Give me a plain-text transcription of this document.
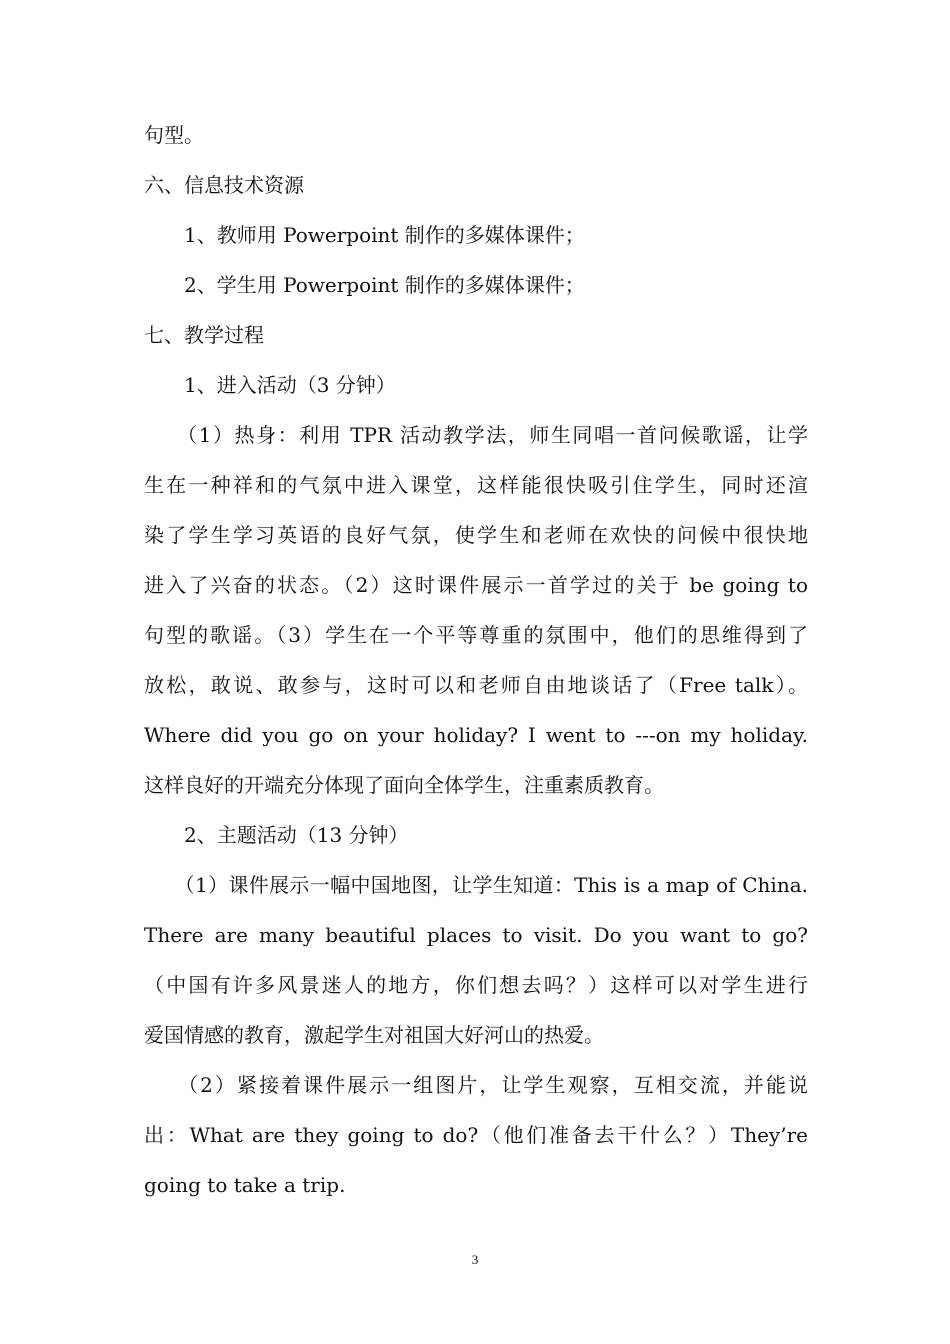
句型。
六、信息技术资源
　　1、教师用 Powerpoint 制作的多媒体课件；
　　2、学生用 Powerpoint 制作的多媒体课件；
七、教学过程
　　1、进入活动（3 分钟）
　　（1）热身：利用 TPR 活动教学法，师生同唱一首问候歌谣，让学
生在一种祥和的气氛中进入课堂，这样能很快吸引住学生，同时还渲
染了学生学习英语的良好气氛，使学生和老师在欢快的问候中很快地
进入了兴奋的状态。（2）这时课件展示一首学过的关于 be going to
句型的歌谣。（3）学生在一个平等尊重的氛围中，他们的思维得到了
放松，敢说、敢参与，这时可以和老师自由地谈话了（Free talk）。
Where did you go on your holiday? I went to ---on my holiday.
这样良好的开端充分体现了面向全体学生，注重素质教育。
　　2、主题活动（13 分钟）
　　（1）课件展示一幅中国地图，让学生知道：This is a map of China.
There are many beautiful places to visit. Do you want to go?
（中国有许多风景迷人的地方，你们想去吗？）这样可以对学生进行
爱国情感的教育，激起学生对祖国大好河山的热爱。
　　（2）紧接着课件展示一组图片，让学生观察，互相交流，并能说
出：What are they going to do?（他们准备去干什么？）They’re
going to take a trip.
3
